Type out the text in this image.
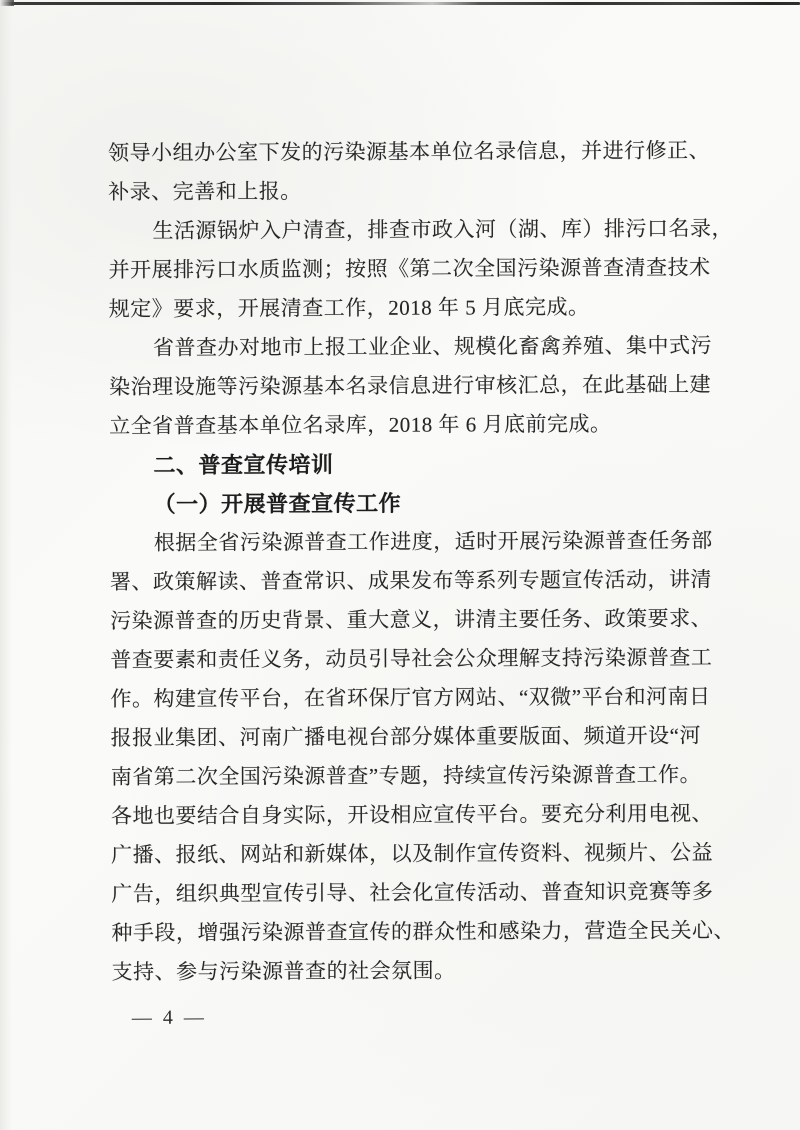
领导小组办公室下发的污染源基本单位名录信息，并进行修正、
补录、完善和上报。
生活源锅炉入户清查，排查市政入河（湖、库）排污口名录，
并开展排污口水质监测；按照《第二次全国污染源普查清查技术
规定》要求，开展清查工作，2018 年 5 月底完成。
省普查办对地市上报工业企业、规模化畜禽养殖、集中式污
染治理设施等污染源基本名录信息进行审核汇总，在此基础上建
立全省普查基本单位名录库，2018 年 6 月底前完成。
二、普查宣传培训
（一）开展普查宣传工作
根据全省污染源普查工作进度，适时开展污染源普查任务部
署、政策解读、普查常识、成果发布等系列专题宣传活动，讲清
污染源普查的历史背景、重大意义，讲清主要任务、政策要求、
普查要素和责任义务，动员引导社会公众理解支持污染源普查工
作。构建宣传平台，在省环保厅官方网站、“双微”平台和河南日
报报业集团、河南广播电视台部分媒体重要版面、频道开设“河
南省第二次全国污染源普查”专题，持续宣传污染源普查工作。
各地也要结合自身实际，开设相应宣传平台。要充分利用电视、
广播、报纸、网站和新媒体，以及制作宣传资料、视频片、公益
广告，组织典型宣传引导、社会化宣传活动、普查知识竞赛等多
种手段，增强污染源普查宣传的群众性和感染力，营造全民关心、
支持、参与污染源普查的社会氛围。
— 4 —
